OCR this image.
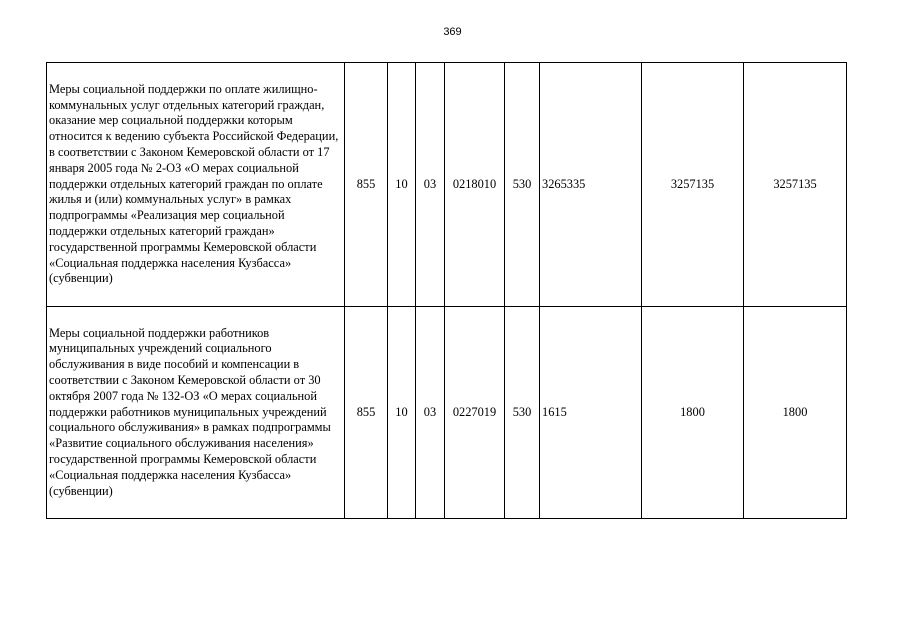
369
Меры социальной поддержки по оплате жилищно-коммунальных услуг отдельных категорий граждан, оказание мер социальной поддержки которым относится к ведению субъекта Российской Федерации, в соответствии с Законом Кемеровской области от 17 января 2005 года № 2-ОЗ «О мерах социальной поддержки отдельных категорий граждан по оплате жилья и (или) коммунальных услуг» в рамках подпрограммы «Реализация мер социальной поддержки отдельных категорий граждан» государственной программы Кемеровской области «Социальная поддержка населения Кузбасса» (субвенции)	855	10	03	0218010	530	3265335	3257135	3257135
Меры социальной поддержки работников муниципальных учреждений социального обслуживания в виде пособий и компенсации в соответствии с Законом Кемеровской области от 30 октября 2007 года № 132-ОЗ «О мерах социальной поддержки работников муниципальных учреждений социального обслуживания» в рамках подпрограммы «Развитие социального обслуживания населения» государственной программы Кемеровской области «Социальная поддержка населения Кузбасса» (субвенции)	855	10	03	0227019	530	1615	1800	1800
